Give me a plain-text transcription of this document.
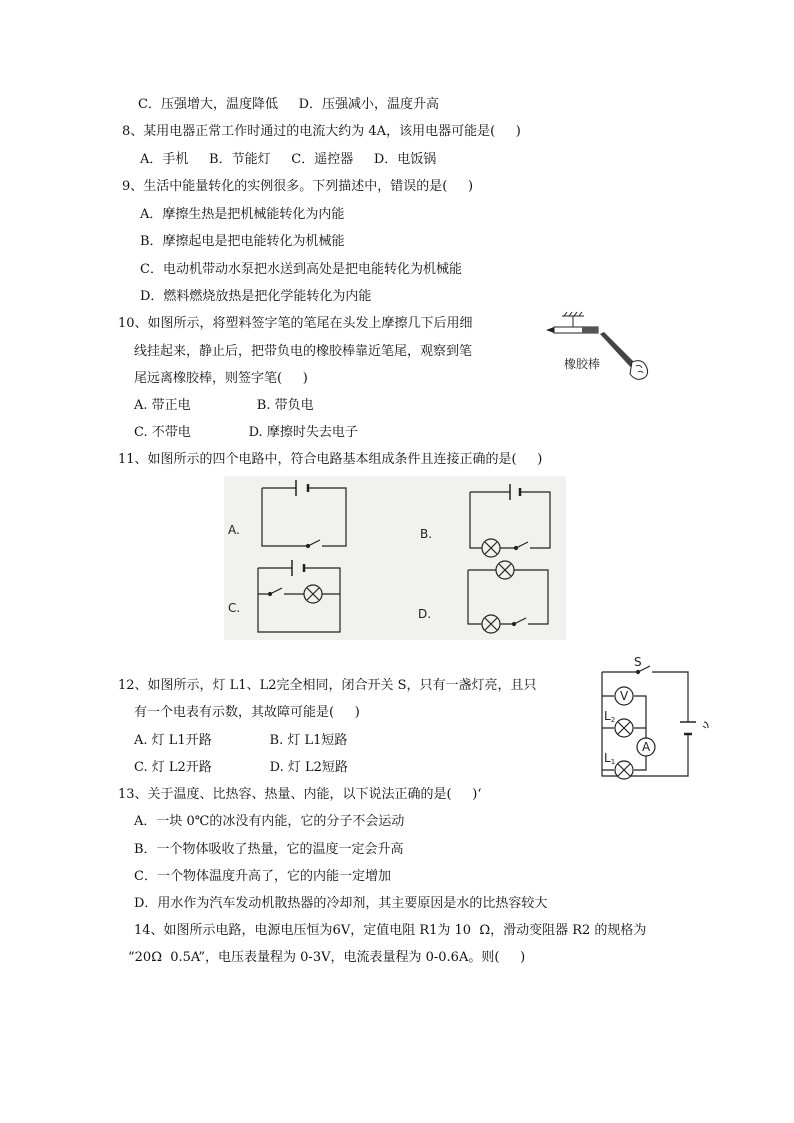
C．压强增大，温度降低     D．压强减小，温度升高
8、某用电器正常工作时通过的电流大约为 4A，该用电器可能是(     )
A．手机     B．节能灯     C．遥控器     D．电饭锅
9、生活中能量转化的实例很多。下列描述中，错误的是(     )
A．摩擦生热是把机械能转化为内能
B．摩擦起电是把电能转化为机械能
C．电动机带动水泵把水送到高处是把电能转化为机械能
D．燃料燃烧放热是把化学能转化为内能
10、如图所示，将塑料签字笔的笔尾在头发上摩擦几下后用细
线挂起来，静止后，把带负电的橡胶棒靠近笔尾，观察到笔
尾远离橡胶棒，则签字笔(     )
A. 带正电                B. 带负电
C. 不带电              D. 摩擦时失去电子
11、如图所示的四个电路中，符合电路基本组成条件且连接正确的是(     )
12、如图所示，灯 L1、L2完全相同，闭合开关 S，只有一盏灯亮，且只
有一个电表有示数，其故障可能是(     )
A. 灯 L1开路              B. 灯 L1短路
C. 灯 L2开路              D. 灯 L2短路
13、关于温度、比热容、热量、内能，以下说法正确的是(     )‘
A．一块 0℃的冰没有内能，它的分子不会运动
B．一个物体吸收了热量，它的温度一定会升高
C．一个物体温度升高了，它的内能一定增加
D．用水作为汽车发动机散热器的冷却剂，其主要原因是水的比热容较大
14、如图所示电路，电源电压恒为6V，定值电阻 R1为 10  Ω，滑动变阻器 R2 的规格为
“20Ω  0.5A”，电压表量程为 0-3V，电流表量程为 0-0.6A。则(     )
橡胶棒
A.	B.
C.	D.
S
V
A
L2
L1
